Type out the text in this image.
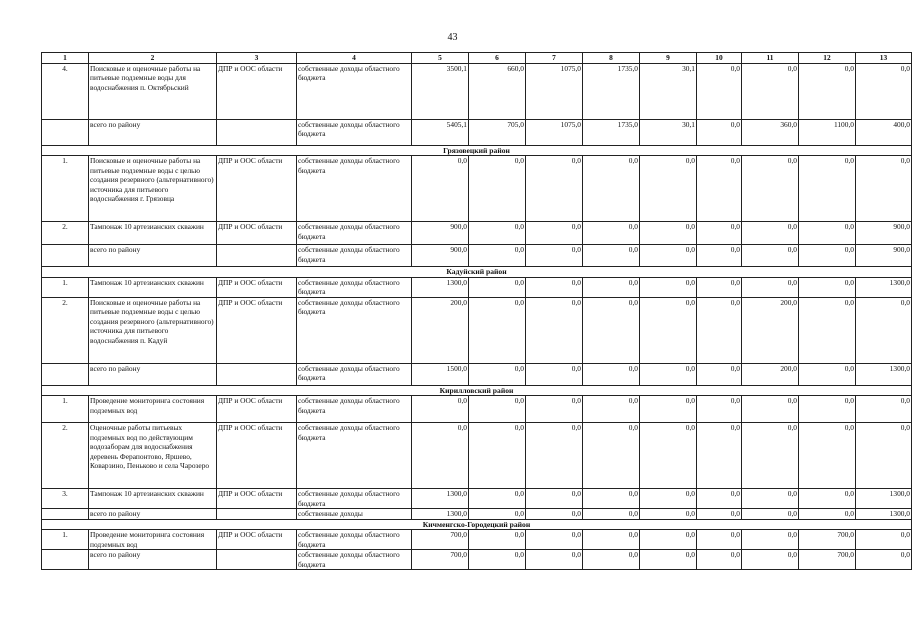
43
1	2	3	4	5	6	7	8	9	10	11	12	13
4.	Поисковые и оценочные работы на питьевые подземные воды для водоснабжения п. Октябрьский	ДПР и ООС области	собственные доходы областного бюджета	3500,1	660,0	1075,0	1735,0	30,1	0,0	0,0	0,0	0,0
	всего по району		собственные доходы областного бюджета	5405,1	705,0	1075,0	1735,0	30,1	0,0	360,0	1100,0	400,0
Грязовецкий район												
1.	Поисковые и оценочные работы на питьевые подземные воды с целью создания резервного (альтернативного) источника для питьевого водоснабжения г. Грязовца	ДПР и ООС области	собственные доходы областного бюджета	0,0	0,0	0,0	0,0	0,0	0,0	0,0	0,0	0,0
2.	Тампонаж 10 артезианских скважин	ДПР и ООС области	собственные доходы областного бюджета	900,0	0,0	0,0	0,0	0,0	0,0	0,0	0,0	900,0
	всего по району		собственные доходы областного бюджета	900,0	0,0	0,0	0,0	0,0	0,0	0,0	0,0	900,0
Кадуйский район												
1.	Тампонаж 10 артезианских скважин	ДПР и ООС области	собственные доходы областного бюджета	1300,0	0,0	0,0	0,0	0,0	0,0	0,0	0,0	1300,0
2.	Поисковые и оценочные работы на питьевые подземные воды с целью создания резервного (альтернативного) источника для питьевого водоснабжения п. Кадуй	ДПР и ООС области	собственные доходы областного бюджета	200,0	0,0	0,0	0,0	0,0	0,0	200,0	0,0	0,0
	всего по району		собственные доходы областного бюджета	1500,0	0,0	0,0	0,0	0,0	0,0	200,0	0,0	1300,0
Кирилловский район												
1.	Проведение мониторинга состояния подземных вод	ДПР и ООС области	собственные доходы областного бюджета	0,0	0,0	0,0	0,0	0,0	0,0	0,0	0,0	0,0
2.	Оценочные работы питьевых подземных вод по действующим водозаборам для водоснабжения деревень Ферапонтово, Яршево, Коварзино, Пеньково и села Чарозеро	ДПР и ООС области	собственные доходы областного бюджета	0,0	0,0	0,0	0,0	0,0	0,0	0,0	0,0	0,0
3.	Тампонаж 10 артезианских скважин	ДПР и ООС области	собственные доходы областного бюджета	1300,0	0,0	0,0	0,0	0,0	0,0	0,0	0,0	1300,0
	всего по району		собственные доходы	1300,0	0,0	0,0	0,0	0,0	0,0	0,0	0,0	1300,0
Кичменгско-Городецкий район												
1.	Проведение мониторинга состояния подземных вод	ДПР и ООС области	собственные доходы областного бюджета	700,0	0,0	0,0	0,0	0,0	0,0	0,0	700,0	0,0
	всего по району		собственные доходы областного бюджета	700,0	0,0	0,0	0,0	0,0	0,0	0,0	700,0	0,0
